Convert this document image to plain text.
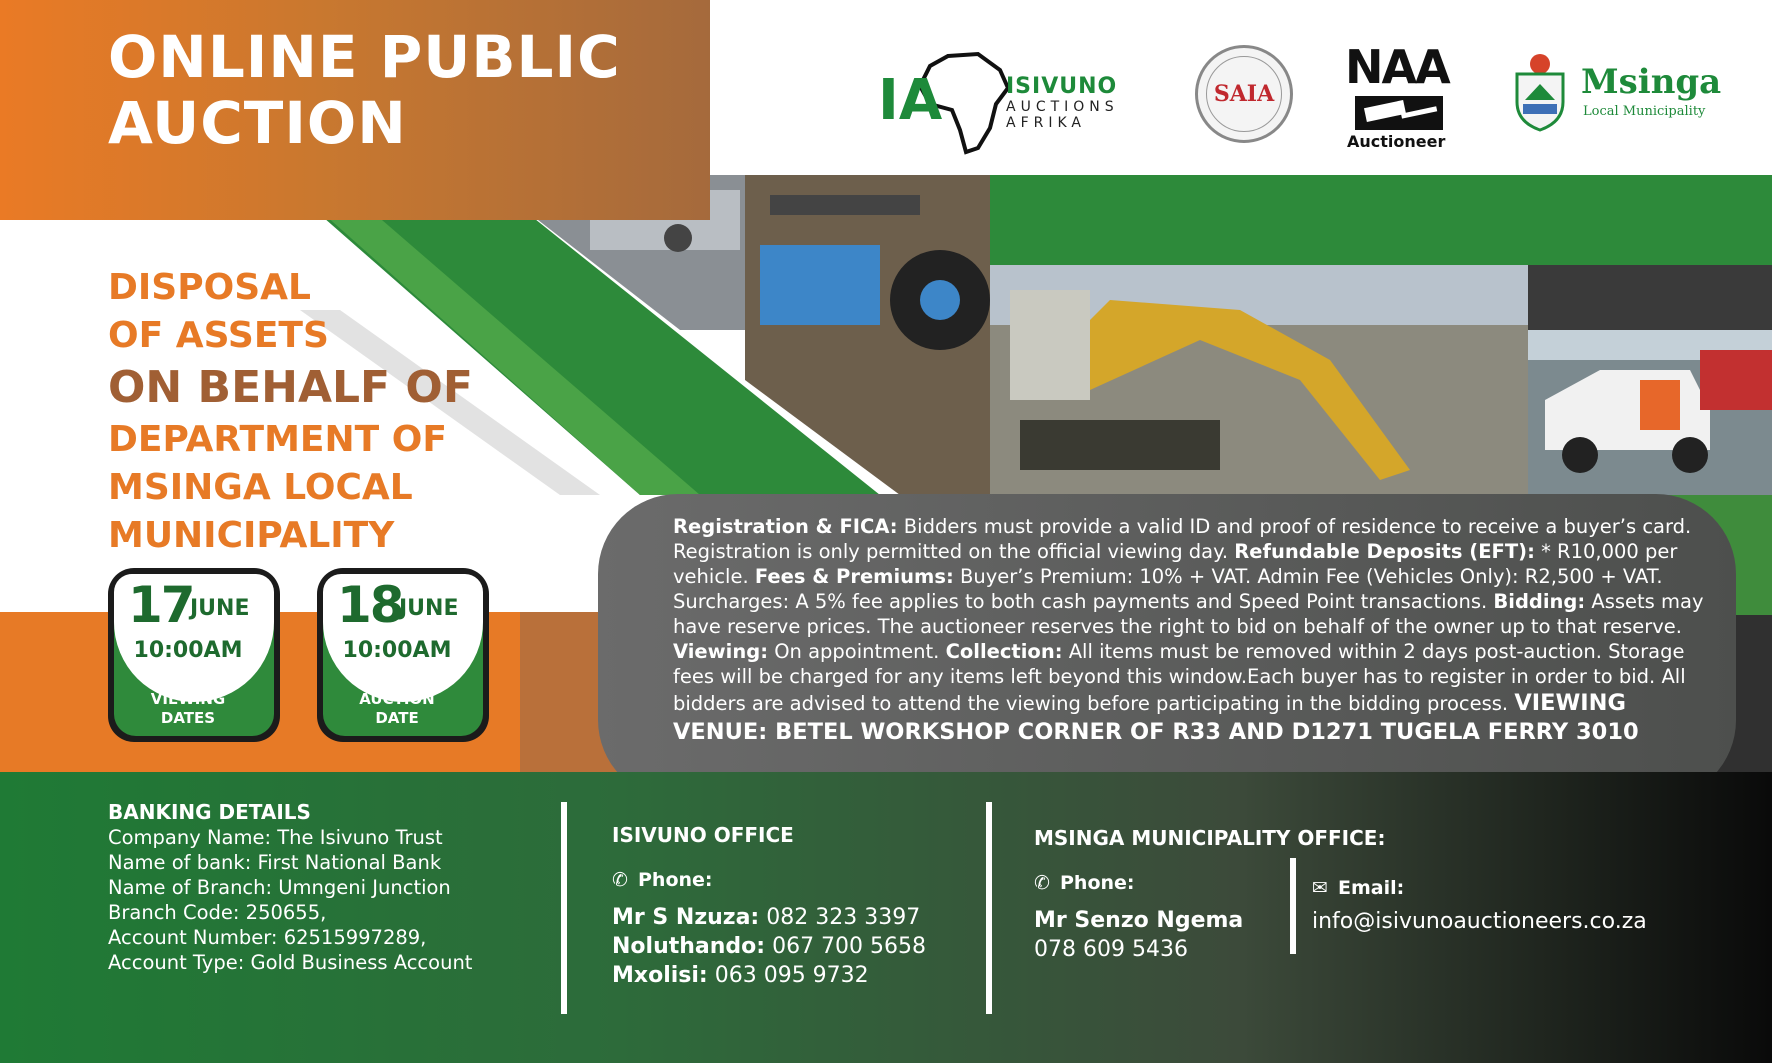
ONLINE PUBLIC
AUCTION	IA	ISIVUNO
AUCTIONS
AFRIKA
SAIA	NAA
Auctioneer
Msinga
Local Municipality
DISPOSAL
OF ASSETS
ON BEHALF OF
DEPARTMENT OF
MSINGA LOCAL
MUNICIPALITY
17
JUNE
10:00AM
VIEWING
DATES
18
JUNE
10:00AM
AUCTION
DATE
Registration & FICA: Bidders must provide a valid ID and proof of residence to receive a buyer’s card. Registration is only permitted on the official viewing day. Refundable Deposits (EFT): * R10,000 per vehicle. Fees & Premiums: Buyer’s Premium: 10% + VAT. Admin Fee (Vehicles Only): R2,500 + VAT. Surcharges: A 5% fee applies to both cash payments and Speed Point transactions. Bidding: Assets may have reserve prices. The auctioneer reserves the right to bid on behalf of the owner up to that reserve. Viewing: On appointment. Collection: All items must be removed within 2 days post-auction. Storage fees will be charged for any items left beyond this window.Each buyer has to register in order to bid. All bidders are advised to attend the viewing before participating in the bidding process. VIEWING VENUE: BETEL WORKSHOP CORNER OF R33 AND D1271 TUGELA FERRY 3010
BANKING DETAILS
Company Name: The Isivuno Trust
Name of bank: First National Bank
Name of Branch: Umngeni Junction
Branch Code: 250655,
Account Number: 62515997289,
Account Type: Gold Business Account
ISIVUNO OFFICE
✆ Phone:
Mr S Nzuza: 082 323 3397
Noluthando: 067 700 5658
Mxolisi: 063 095 9732
MSINGA MUNICIPALITY OFFICE:
✆ Phone:
Mr Senzo Ngema
078 609 5436
✉ Email:
info@isivunoauctioneers.co.za
